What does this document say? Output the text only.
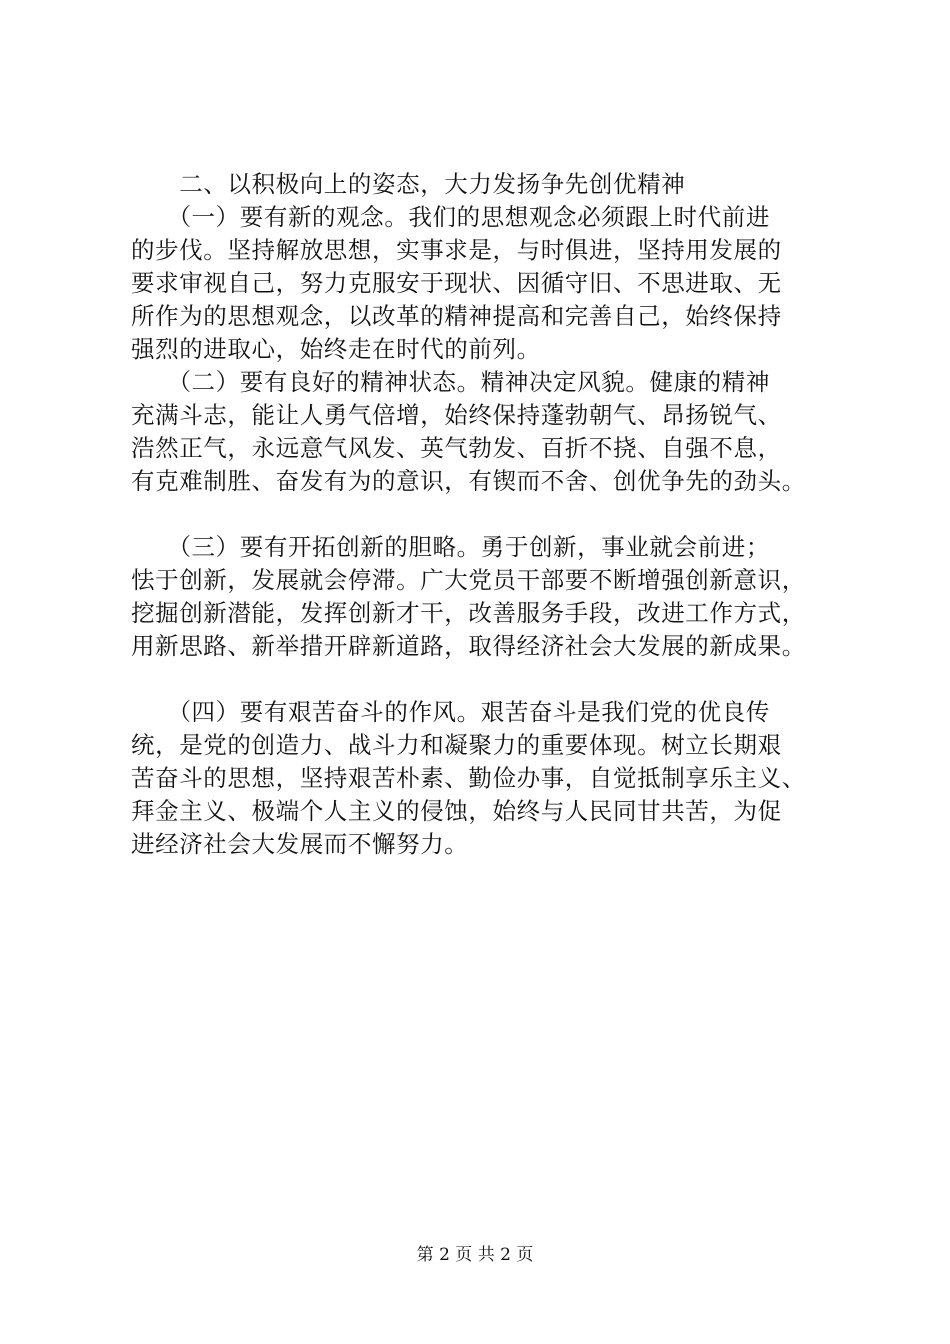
　　二、以积极向上的姿态，大力发扬争先创优精神
　　（一）要有新的观念。我们的思想观念必须跟上时代前进
的步伐。坚持解放思想，实事求是，与时俱进，坚持用发展的
要求审视自己，努力克服安于现状、因循守旧、不思进取、无
所作为的思想观念，以改革的精神提高和完善自己，始终保持
强烈的进取心，始终走在时代的前列。
　　（二）要有良好的精神状态。精神决定风貌。健康的精神
充满斗志，能让人勇气倍增，始终保持蓬勃朝气、昂扬锐气、
浩然正气，永远意气风发、英气勃发、百折不挠、自强不息，
有克难制胜、奋发有为的意识，有锲而不舍、创优争先的劲头。
　　（三）要有开拓创新的胆略。勇于创新，事业就会前进；
怯于创新，发展就会停滞。广大党员干部要不断增强创新意识，
挖掘创新潜能，发挥创新才干，改善服务手段，改进工作方式，
用新思路、新举措开辟新道路，取得经济社会大发展的新成果。
　　（四）要有艰苦奋斗的作风。艰苦奋斗是我们党的优良传
统，是党的创造力、战斗力和凝聚力的重要体现。树立长期艰
苦奋斗的思想，坚持艰苦朴素、勤俭办事，自觉抵制享乐主义、
拜金主义、极端个人主义的侵蚀，始终与人民同甘共苦，为促
进经济社会大发展而不懈努力。
第 2 页 共 2 页
